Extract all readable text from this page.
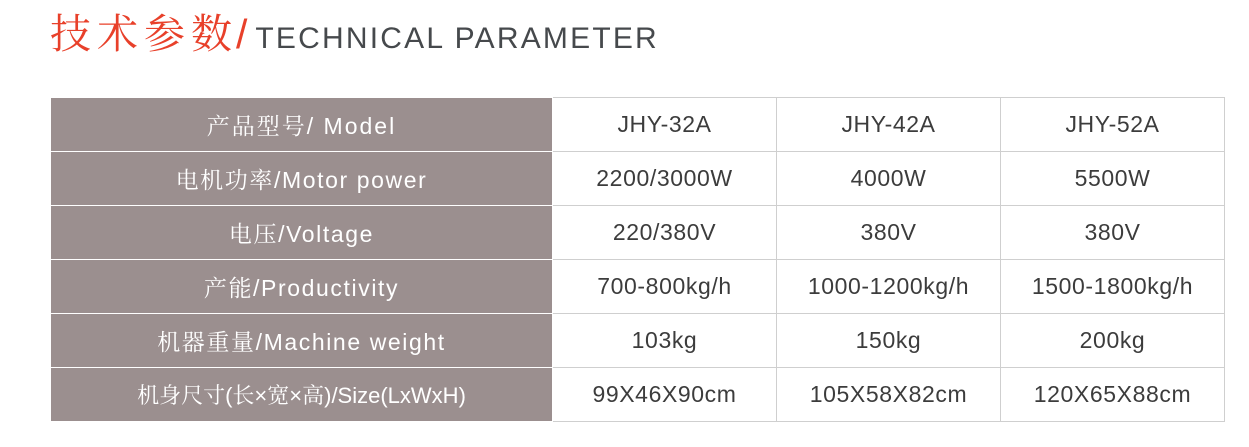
技术参数
/ TECHNICAL PARAMETER
产品型号/ Model	JHY-32A	JHY-42A	JHY-52A
电机功率/Motor power	2200/3000W	4000W	5500W
电压/Voltage	220/380V	380V	380V
产能/Productivity	700-800kg/h	1000-1200kg/h	1500-1800kg/h
机器重量/Machine weight	103kg	150kg	200kg
机身尺寸(长×宽×高)/Size(LxWxH)	99X46X90cm	105X58X82cm	120X65X88cm
